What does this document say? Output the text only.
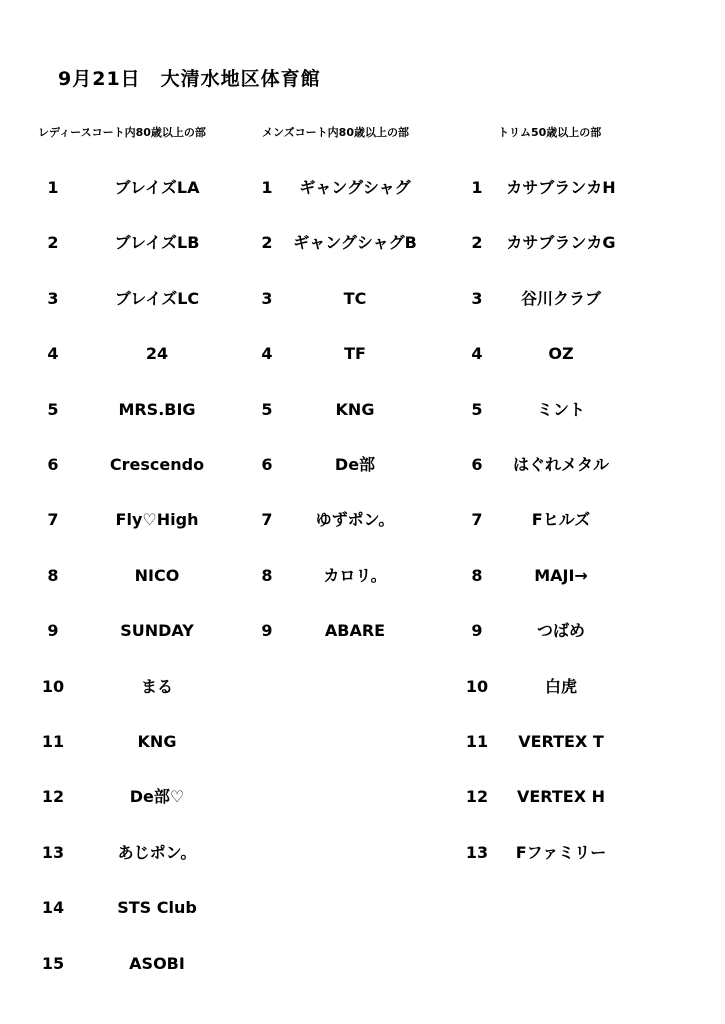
9月21日　大清水地区体育館
レディースコート内80歳以上の部	メンズコート内80歳以上の部	トリム50歳以上の部
1	ブレイズLA
2	ブレイズLB
3	ブレイズLC
4	24
5	MRS.BIG
6	Crescendo
7	Fly♡High
8	NICO
9	SUNDAY
10	まる
11	KNG
12	De部♡
13	あじポン。
14	STS Club
15	ASOBI
1	ギャングシャグ
2	ギャングシャグB
3	TC
4	TF
5	KNG
6	De部
7	ゆずポン。
8	カロリ。
9	ABARE
1	カサブランカH
2	カサブランカG
3	谷川クラブ
4	OZ
5	ミント
6	はぐれメタル
7	Fヒルズ
8	MAJI→
9	つばめ
10	白虎
11	VERTEX T
12	VERTEX H
13	Fファミリー
